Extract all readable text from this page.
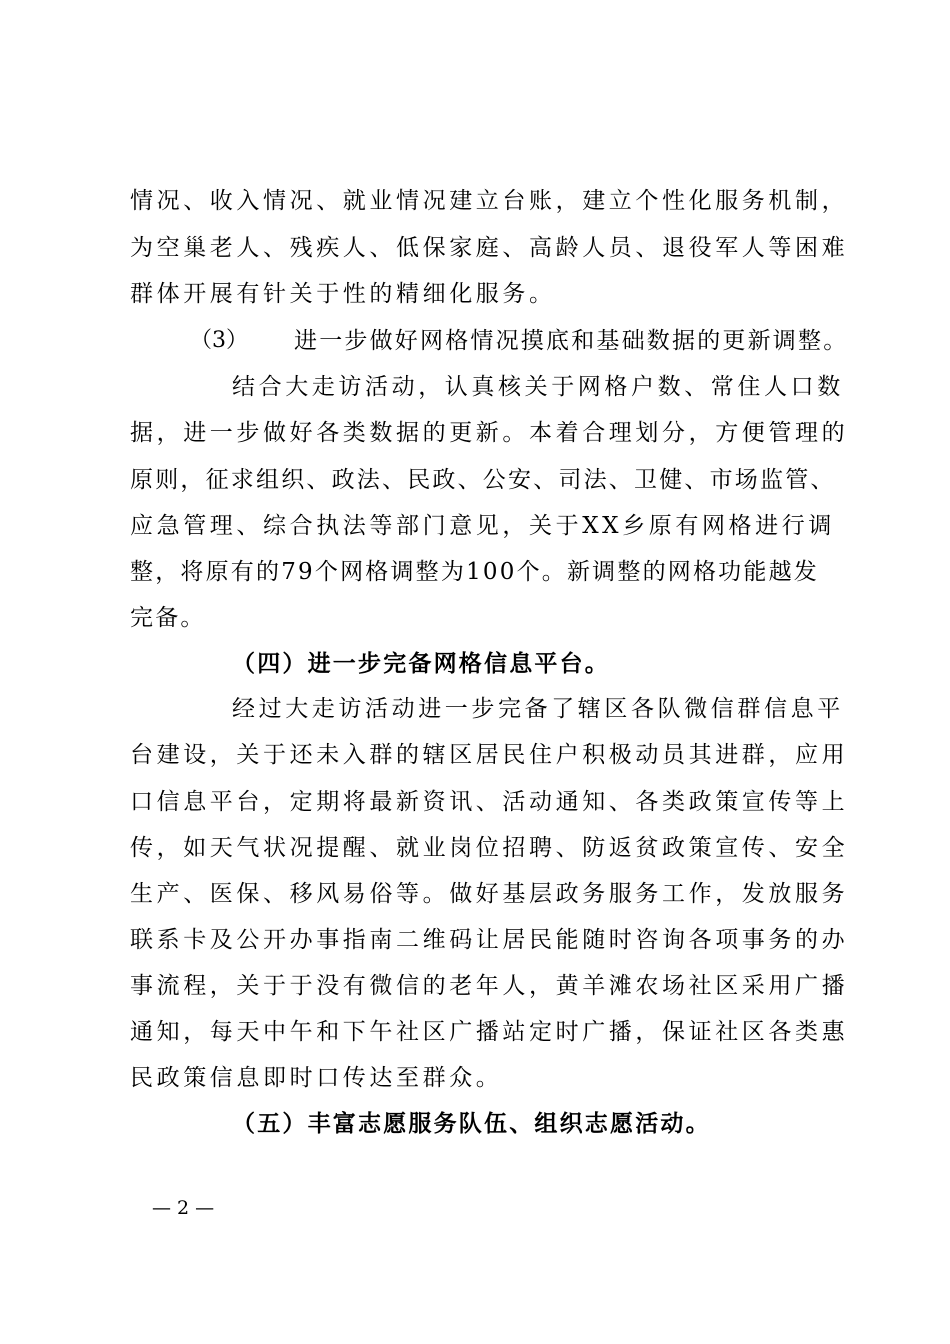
情况、收入情况、就业情况建立台账，建立个性化服务机制，
为空巢老人、残疾人、低保家庭、高龄人员、退役军人等困难
群体开展有针关于性的精细化服务。
（3） 进一步做好网格情况摸底和基础数据的更新调整。
结合大走访活动，认真核关于网格户数、常住人口数
据，进一步做好各类数据的更新。本着合理划分，方便管理的
原则，征求组织、政法、民政、公安、司法、卫健、市场监管、
应急管理、综合执法等部门意见，关于XX乡原有网格进行调
整，将原有的79个网格调整为100个。新调整的网格功能越发
完备。
（四）进一步完备网格信息平台。
经过大走访活动进一步完备了辖区各队微信群信息平
台建设，关于还未入群的辖区居民住户积极动员其进群，应用
口信息平台，定期将最新资讯、活动通知、各类政策宣传等上
传，如天气状况提醒、就业岗位招聘、防返贫政策宣传、安全
生产、医保、移风易俗等。做好基层政务服务工作，发放服务
联系卡及公开办事指南二维码让居民能随时咨询各项事务的办
事流程，关于于没有微信的老年人，黄羊滩农场社区采用广播
通知，每天中午和下午社区广播站定时广播，保证社区各类惠
民政策信息即时口传达至群众。
（五）丰富志愿服务队伍、组织志愿活动。
— 2 —
